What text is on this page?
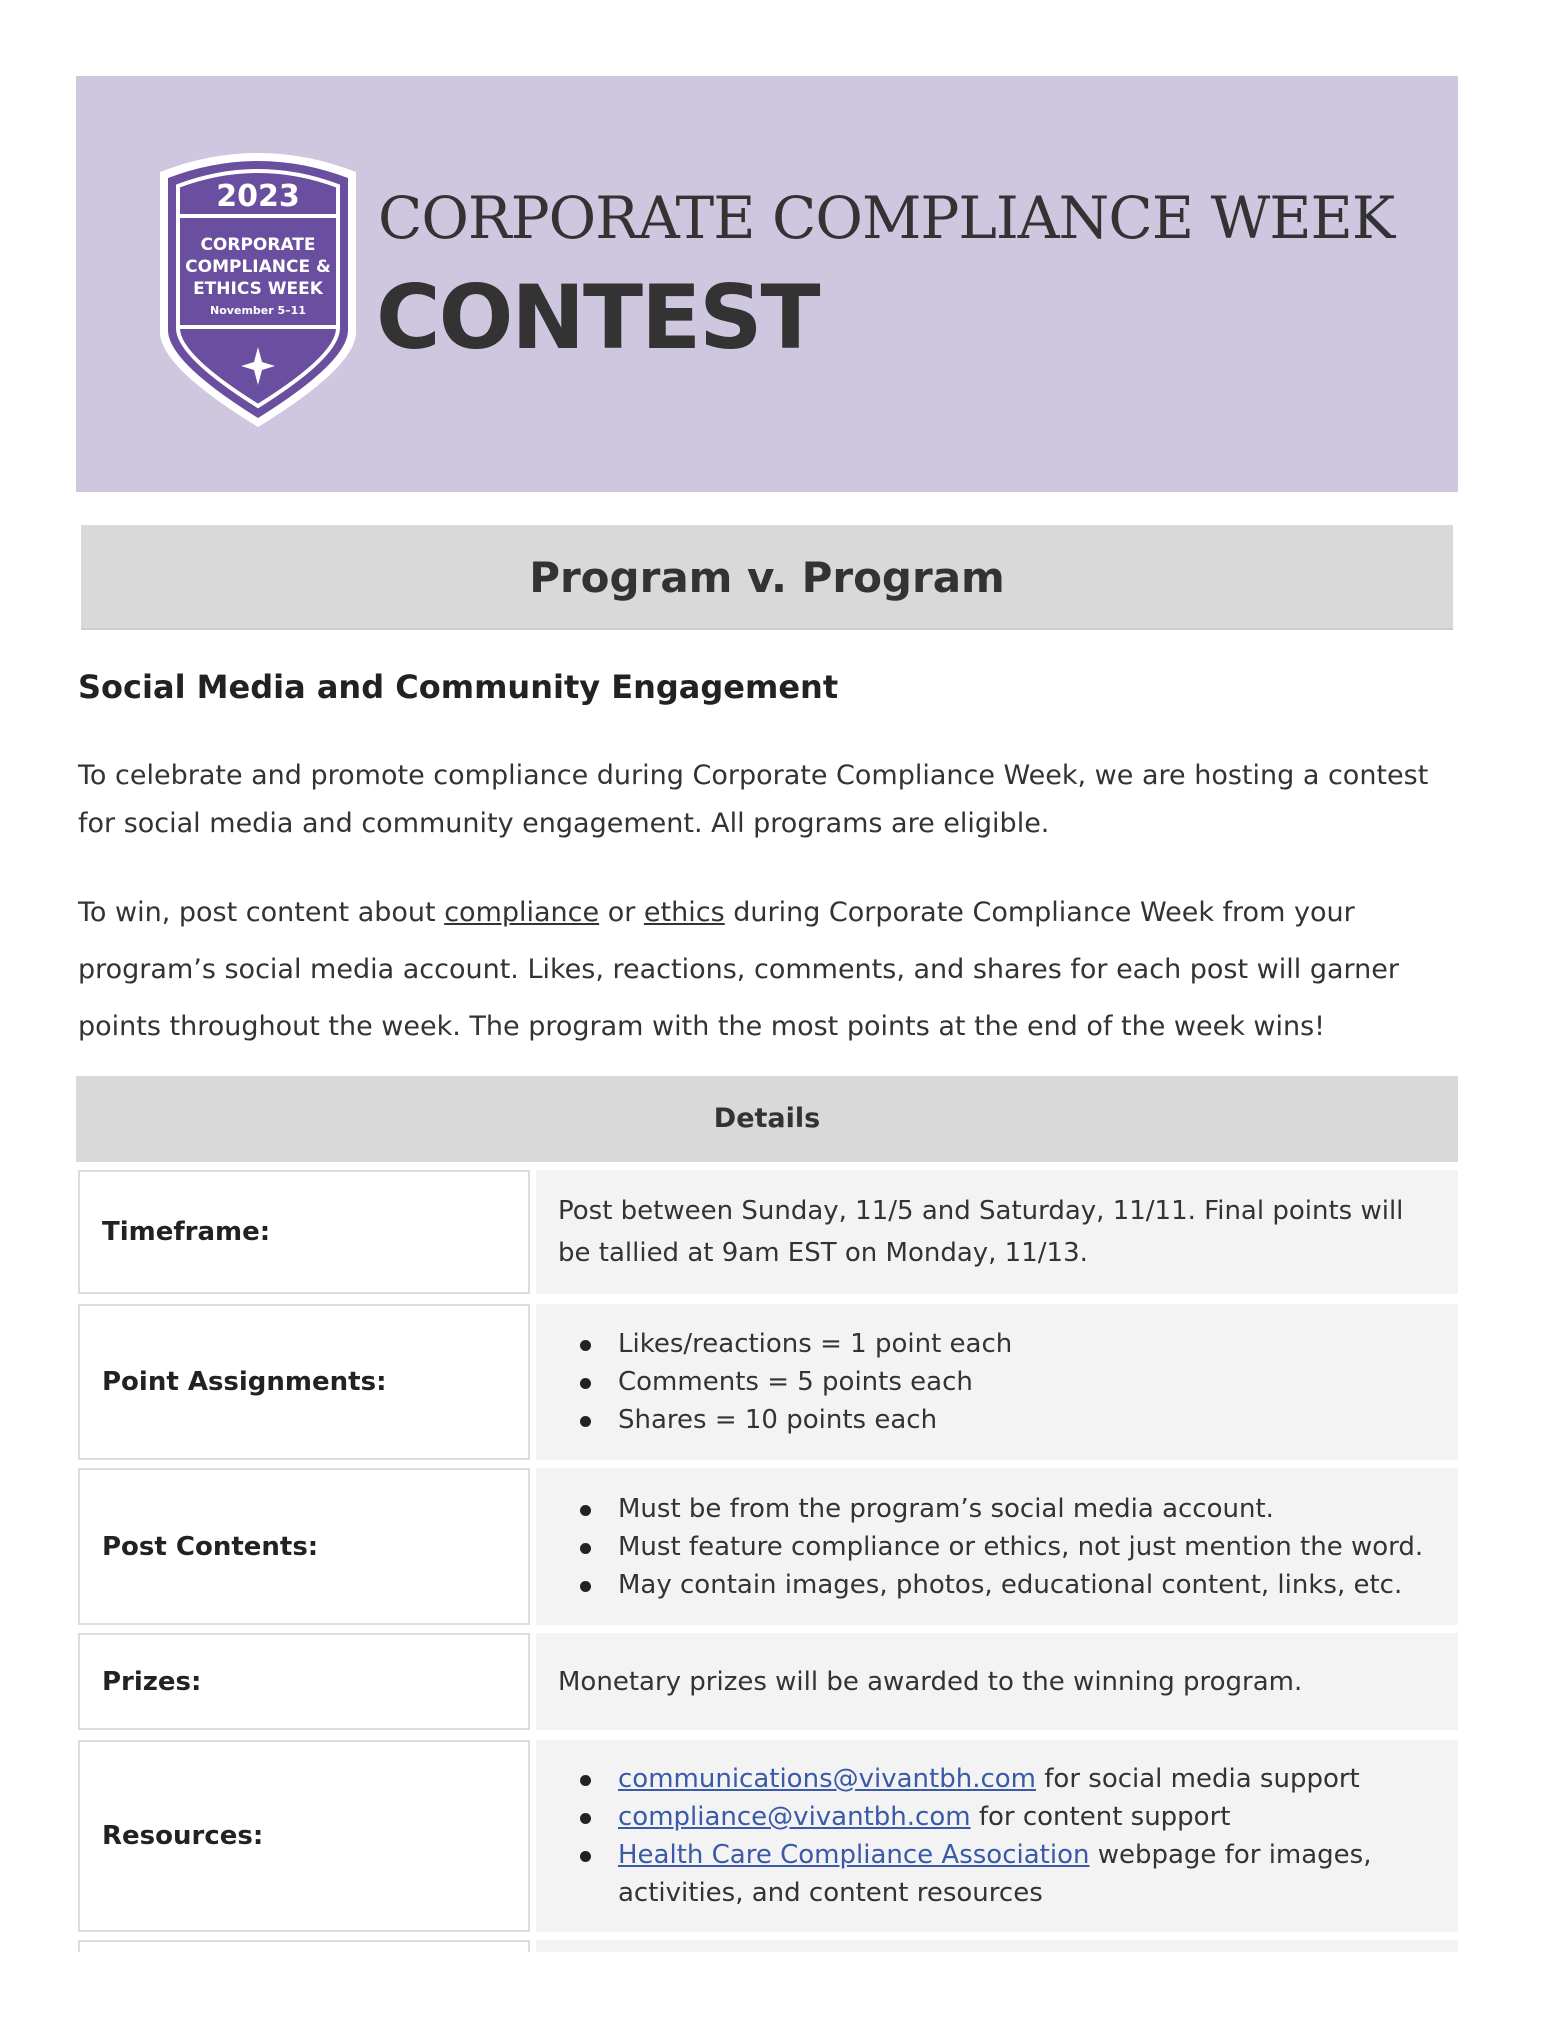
2023
CORPORATE
COMPLIANCE &
ETHICS WEEK
November 5–11
CORPORATE COMPLIANCE WEEK
CONTEST
Program v. Program
Social Media and Community Engagement
To celebrate and promote compliance during Corporate Compliance Week, we are hosting a contest for social media and community engagement. All programs are eligible.
To win, post content about compliance or ethics during Corporate Compliance Week from your program’s social media account. Likes, reactions, comments, and shares for each post will garner points throughout the week. The program with the most points at the end of the week wins!
Details
Timeframe:
Post between Sunday, 11/5 and Saturday, 11/11. Final points will be tallied at 9am EST on Monday, 11/13.
Point Assignments:
Likes/reactions = 1 point each
Comments = 5 points each
Shares = 10 points each
Post Contents:
Must be from the program’s social media account.
Must feature compliance or ethics, not just mention the word.
May contain images, photos, educational content, links, etc.
Prizes:	Monetary prizes will be awarded to the winning program.
Resources:
communications@vivantbh.com for social media support
compliance@vivantbh.com for content support
Health Care Compliance Association webpage for images, activities, and content resources
